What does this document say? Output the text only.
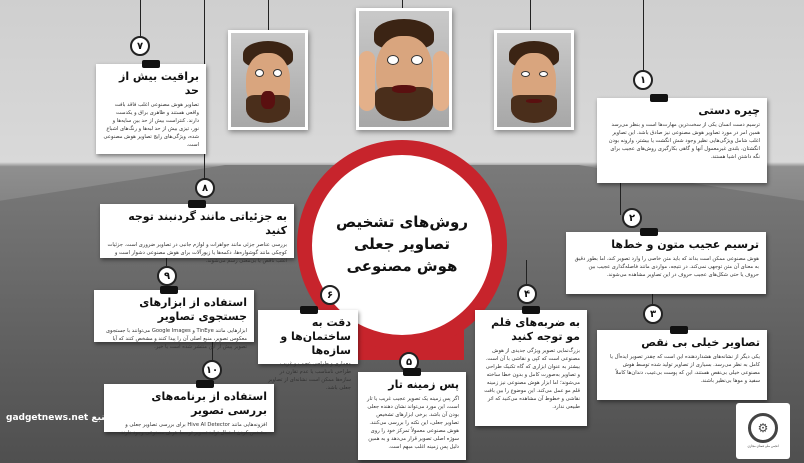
روش‌های تشخیص
تصاویر جعلی
هوش مصنوعی
۱
چیره دستی

ترسیم دست انسان یکی از سخت‌ترین مهارت‌ها است و بنظر می‌رسد همین امر در مورد تصاویر هوش مصنوعی نیز صادق باشد. این تصاویر اغلب شامل ویژگی‌هایی نظیر وجود شش انگشت یا بیشتر، وارونه بودن انگشتان، بلندی غیرمعمول آنها و گاهی بکارگیری روش‌های عجیب برای نگه داشتن اشیا هستند.

۲
ترسیم عجیب متون و خط‌ها

هوش مصنوعی ممکن است بداند که باید متن خاصی را وارد تصویر کند، اما بطور دقیق به معنای آن متن توجهی نمی‌کند. در نتیجه، مواردی مانند فاصله‌گذاری عجیب بین حروف یا حتی شکل‌های عجیب حروف در این تصاویر مشاهده می‌شوند.

۳
تصاویر خیلی بی نقص

یکی دیگر از نشانه‌های هشداردهنده این است که چقدر تصویر ایده‌آل یا کامل به نظر می‌رسد. بسیاری از تصاویر تولید شده توسط هوش مصنوعی خیلی بی‌نقص هستند، این که پوست بی‌عیب، دندان‌ها کاملاً سفید و موها بی‌نظیر باشند.

۴
به ضربه‌های قلم مو توجه کنید

بزرگ‌نمایی تصویر ویژگی جدیدی از هوش مصنوعی است که کپی و نقاشی با آن است. بیشتر به عنوان ابزاری که گاه تکنیک طراحی و تصاویر به‌صورت کامل و بدون خطا ساخته می‌شوند؛ اما ابزار هوش مصنوعی نیز زمینه قلم مو عمل می‌کند. این موضوع را بین بافت نقاشی و خطوط آن مشاهده می‌کنید که اثر طبیعی ندارد.

۵
پس زمینه تار

اگر پس زمینه یک تصویر عجیب غریب یا تار است، این مورد می‌تواند نشان دهنده جعلی بودن آن باشد. برخی ابزارهای تشخیص تصاویر جعلی، این نکته را بررسی می‌کنند. هوش مصنوعی معمولاً تمرکز خود را روی سوژه اصلی تصویر قرار می‌دهد و به همین دلیل پس زمینه اغلب مبهم است.

۶
دقت به ساختمان‌ها و سازه‌ها

معماری و طراحی عجیب و غریب طراحی نامناسب یا عدم تقارن در سازه‌ها ممکن است نشانه‌ای از تصاویر جعلی باشد.

۷
براقیت بیش از حد

تصاویر هوش مصنوعی اغلب فاقد بافت واقعی هستند و ظاهری براق و یکدست دارند. کنتراست بیش از حد بین سایه‌ها و نور، تیزی بیش از حد لبه‌ها و رنگ‌های اشباع شده، ویژگی‌های رایج تصاویر هوش مصنوعی است.

۸
به جزئیاتی مانند گردنبند توجه کنید

بررسی عناصر جزئی مانند جواهرات و لوازم جانبی در تصاویر ضروری است. جزئیات کوچکی مانند گوشواره‌ها، دکمه‌ها یا زیورآلات برای هوش مصنوعی دشوار است و اغلب ناقص یا بی‌معنی رسم می‌شوند.

۹
استفاده از ابزارهای جستجوی تصاویر

ابزارهایی مانند TinEye و Google Images می‌توانند با جستجوی معکوس تصویر، منبع اصلی آن را پیدا کنند و مشخص کنند که آیا تصویر پیش از این منتشر شده است یا خیر.

۱۰
استفاده از برنامه‌های بررسی تصویر

افزونه‌هایی مانند Hive AI Detector برای بررسی تصاویر جعلی و مشخص کردن احتمال تولید تصویر توسط هوش مصنوعی وجود دارند.

gadgetnews.net منبع:
⚙
انجمن ملی فضای مجازی
